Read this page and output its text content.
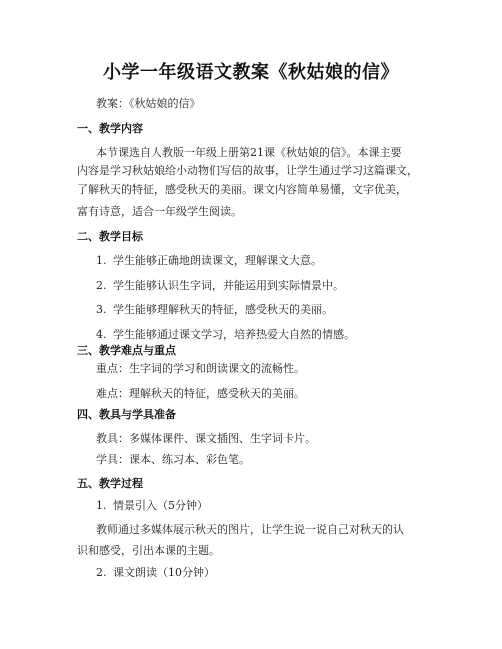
小学一年级语文教案《秋姑娘的信》
教案：《秋姑娘的信》
一、教学内容
本节课选自人教版一年级上册第21课《秋姑娘的信》。本课主要
内容是学习秋姑娘给小动物们写信的故事，让学生通过学习这篇课文，
了解秋天的特征，感受秋天的美丽。课文内容简单易懂，文字优美，
富有诗意，适合一年级学生阅读。
二、教学目标
1. 学生能够正确地朗读课文，理解课文大意。
2. 学生能够认识生字词，并能运用到实际情景中。
3. 学生能够理解秋天的特征，感受秋天的美丽。
4. 学生能够通过课文学习，培养热爱大自然的情感。
三、教学难点与重点
重点：生字词的学习和朗读课文的流畅性。
难点：理解秋天的特征，感受秋天的美丽。
四、教具与学具准备
教具：多媒体课件、课文插图、生字词卡片。
学具：课本、练习本、彩色笔。
五、教学过程
1. 情景引入（5分钟）
教师通过多媒体展示秋天的图片，让学生说一说自己对秋天的认
识和感受，引出本课的主题。
2. 课文朗读（10分钟）
